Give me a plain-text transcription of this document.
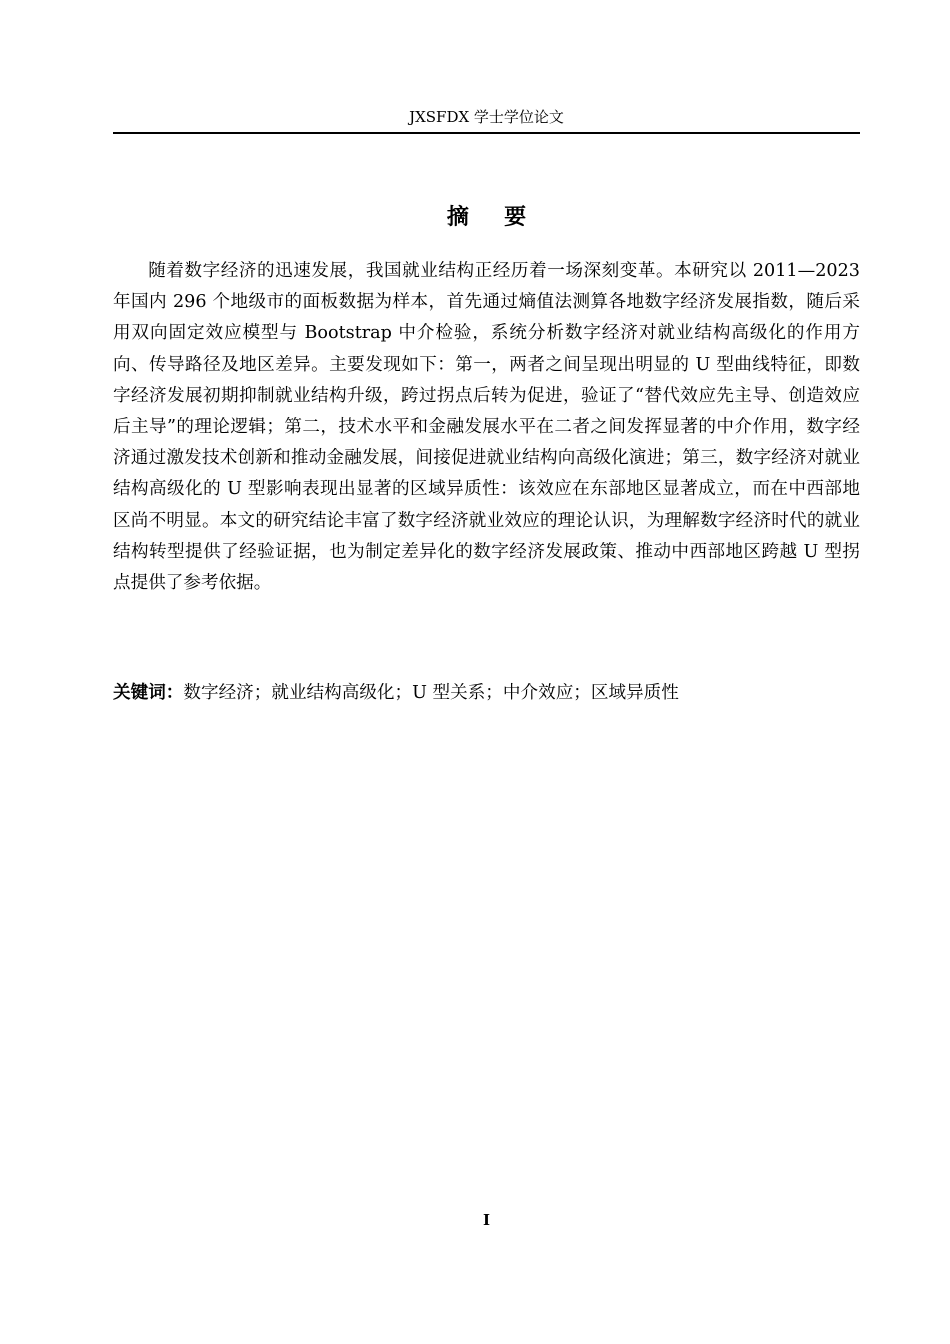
JXSFDX 学士学位论文
摘要

随着数字经济的迅速发展，我国就业结构正经历着一场深刻变革。本研究以 2011—2023 年国内 296 个地级市的面板数据为样本，首先通过熵值法测算各地数字经济发展指数，随后采用双向固定效应模型与 Bootstrap 中介检验，系统分析数字经济对就业结构高级化的作用方向、传导路径及地区差异。主要发现如下：第一，两者之间呈现出明显的 U 型曲线特征，即数字经济发展初期抑制就业结构升级，跨过拐点后转为促进，验证了“替代效应先主导、创造效应后主导”的理论逻辑；第二，技术水平和金融发展水平在二者之间发挥显著的中介作用，数字经济通过激发技术创新和推动金融发展，间接促进就业结构向高级化演进；第三，数字经济对就业结构高级化的 U 型影响表现出显著的区域异质性：该效应在东部地区显著成立，而在中西部地区尚不明显。本文的研究结论丰富了数字经济就业效应的理论认识，为理解数字经济时代的就业结构转型提供了经验证据，也为制定差异化的数字经济发展政策、推动中西部地区跨越 U 型拐点提供了参考依据。

关键词：数字经济；就业结构高级化；U 型关系；中介效应；区域异质性

I
